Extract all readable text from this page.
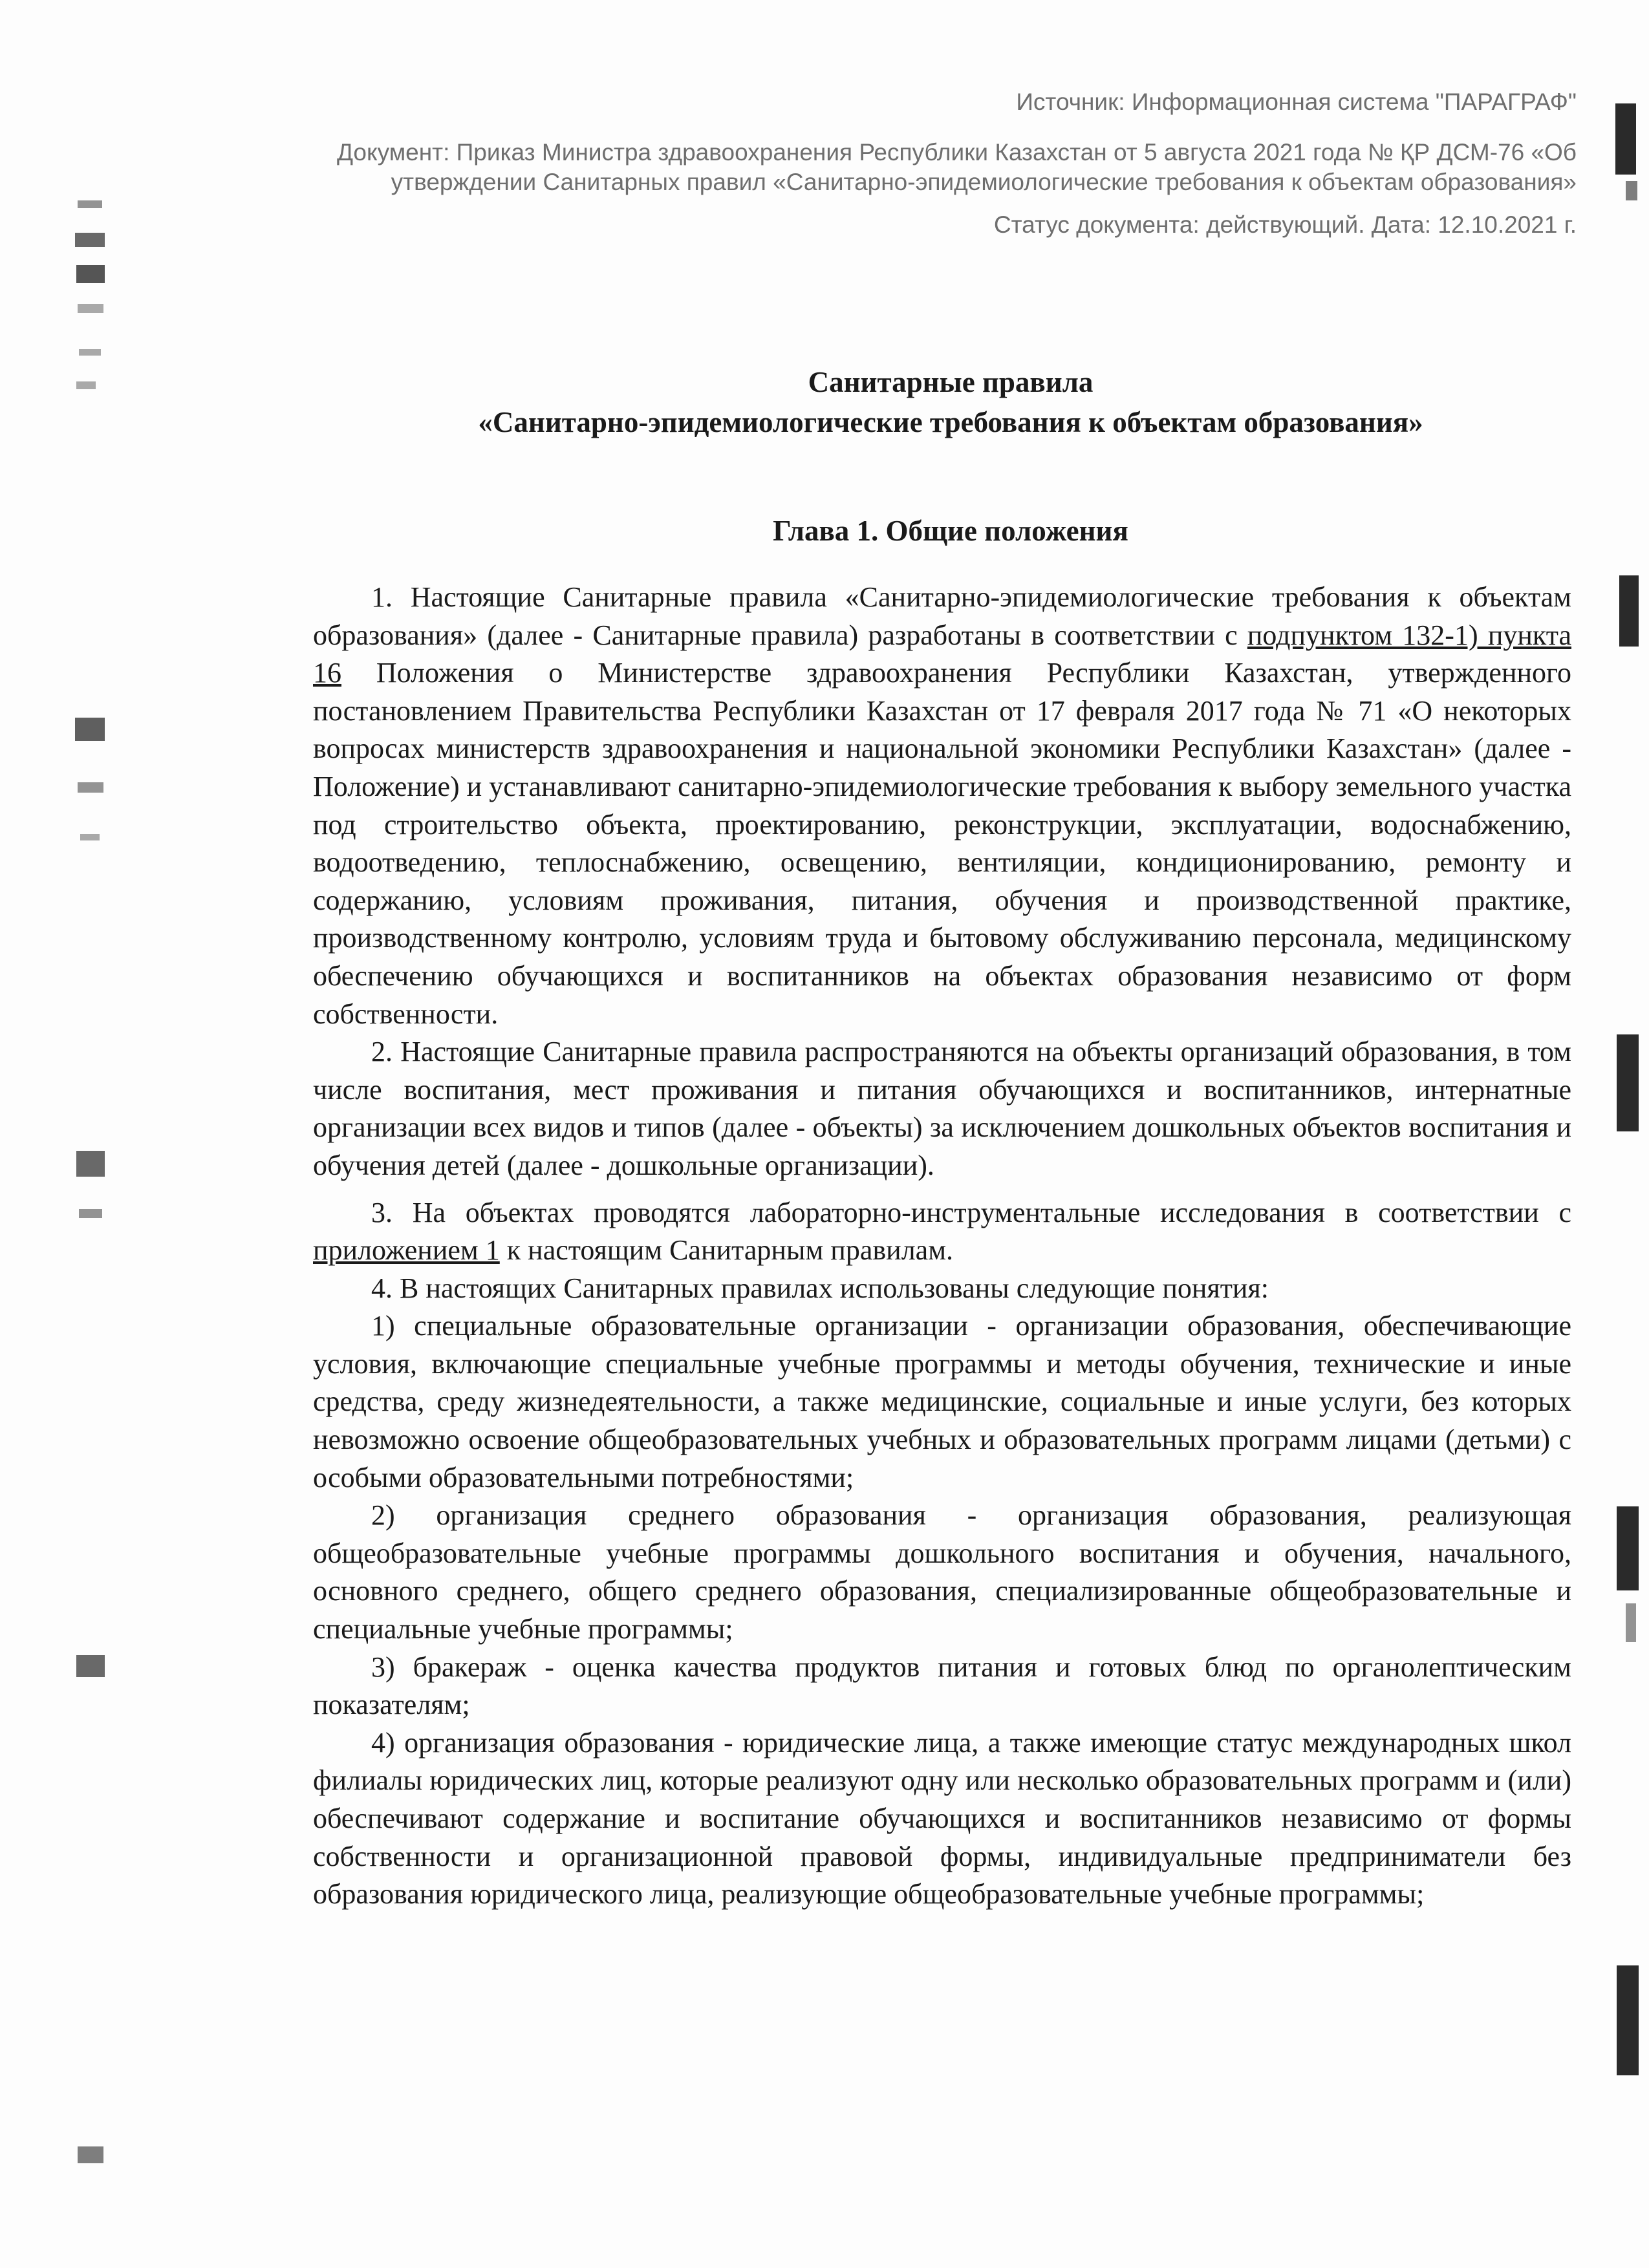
Источник: Информационная система "ПАРАГРАФ"
Документ: Приказ Министра здравоохранения Республики Казахстан от 5 августа 2021 года № ҚР ДСМ-76 «Об утверждении Санитарных правил «Санитарно-эпидемиологические требования к объектам образования»
Статус документа: действующий. Дата: 12.10.2021 г.
Санитарные правила
«Санитарно-эпидемиологические требования к объектам образования»
Глава 1. Общие положения

1. Настоящие Санитарные правила «Санитарно-эпидемиологические требования к объектам образования» (далее - Санитарные правила) разработаны в соответствии с подпунктом 132-1) пункта 16 Положения о Министерстве здравоохранения Республики Казахстан, утвержденного постановлением Правительства Республики Казахстан от 17 февраля 2017 года № 71 «О некоторых вопросах министерств здравоохранения и национальной экономики Республики Казахстан» (далее - Положение) и устанавливают санитарно-эпидемиологические требования к выбору земельного участка под строительство объекта, проектированию, реконструкции, эксплуатации, водоснабжению, водоотведению, теплоснабжению, освещению, вентиляции, кондиционированию, ремонту и содержанию, условиям проживания, питания, обучения и производственной практике, производственному контролю, условиям труда и бытовому обслуживанию персонала, медицинскому обеспечению обучающихся и воспитанников на объектах образования независимо от форм собственности.

2. Настоящие Санитарные правила распространяются на объекты организаций образования, в том числе воспитания, мест проживания и питания обучающихся и воспитанников, интернатные организации всех видов и типов (далее - объекты) за исключением дошкольных объектов воспитания и обучения детей (далее - дошкольные организации).

3. На объектах проводятся лабораторно-инструментальные исследования в соответствии с приложением 1 к настоящим Санитарным правилам.

4. В настоящих Санитарных правилах использованы следующие понятия:

1) специальные образовательные организации - организации образования, обеспечивающие условия, включающие специальные учебные программы и методы обучения, технические и иные средства, среду жизнедеятельности, а также медицинские, социальные и иные услуги, без которых невозможно освоение общеобразовательных учебных и образовательных программ лицами (детьми) с особыми образовательными потребностями;

2) организация среднего образования - организация образования, реализующая общеобразовательные учебные программы дошкольного воспитания и обучения, начального, основного среднего, общего среднего образования, специализированные общеобразовательные и специальные учебные программы;

3) бракераж - оценка качества продуктов питания и готовых блюд по органолептическим показателям;

4) организация образования - юридические лица, а также имеющие статус международных школ филиалы юридических лиц, которые реализуют одну или несколько образовательных программ и (или) обеспечивают содержание и воспитание обучающихся и воспитанников независимо от формы собственности и организационной правовой формы, индивидуальные предприниматели без образования юридического лица, реализующие общеобразовательные учебные программы;
